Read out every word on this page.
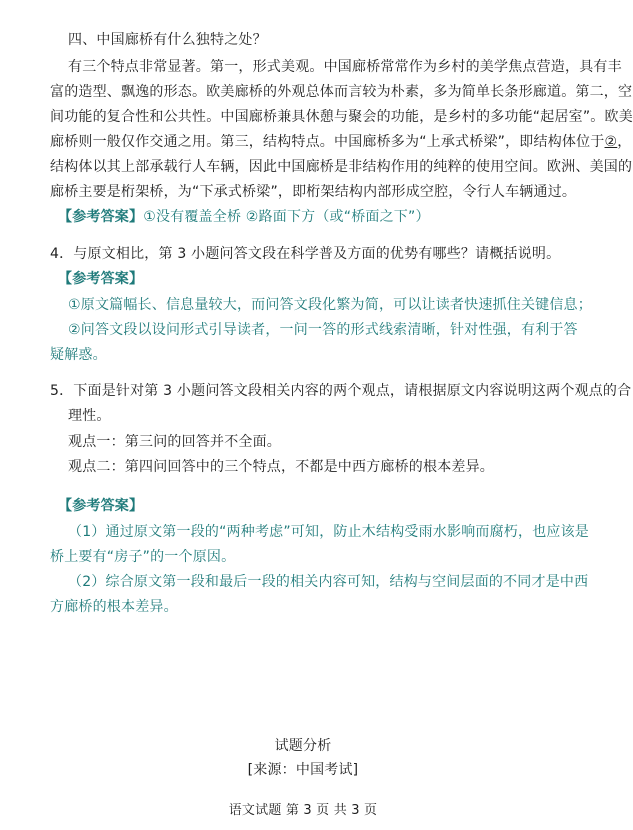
四、中国廊桥有什么独特之处？
有三个特点非常显著。第一，形式美观。中国廊桥常常作为乡村的美学焦点营造，具有丰
富的造型、飘逸的形态。欧美廊桥的外观总体而言较为朴素，多为简单长条形廊道。第二，空
间功能的复合性和公共性。中国廊桥兼具休憩与聚会的功能，是乡村的多功能“起居室”。欧美
廊桥则一般仅作交通之用。第三，结构特点。中国廊桥多为“上承式桥梁”，即结构体位于②，
结构体以其上部承载行人车辆，因此中国廊桥是非结构作用的纯粹的使用空间。欧洲、美国的
廊桥主要是桁架桥，为“下承式桥梁”，即桁架结构内部形成空腔，令行人车辆通过。
【参考答案】①没有覆盖全桥 ②路面下方（或“桥面之下”）
4．与原文相比，第 3 小题问答文段在科学普及方面的优势有哪些？请概括说明。
【参考答案】
①原文篇幅长、信息量较大，而问答文段化繁为简，可以让读者快速抓住关键信息；
②问答文段以设问形式引导读者，一问一答的形式线索清晰，针对性强，有利于答
疑解惑。
5．下面是针对第 3 小题问答文段相关内容的两个观点，请根据原文内容说明这两个观点的合
理性。
观点一：第三问的回答并不全面。
观点二：第四问回答中的三个特点，不都是中西方廊桥的根本差异。
【参考答案】
（1）通过原文第一段的“两种考虑”可知，防止木结构受雨水影响而腐朽，也应该是
桥上要有“房子”的一个原因。
（2）综合原文第一段和最后一段的相关内容可知，结构与空间层面的不同才是中西
方廊桥的根本差异。
试题分析
[来源：中国考试]
语文试题 第 3 页 共 3 页
